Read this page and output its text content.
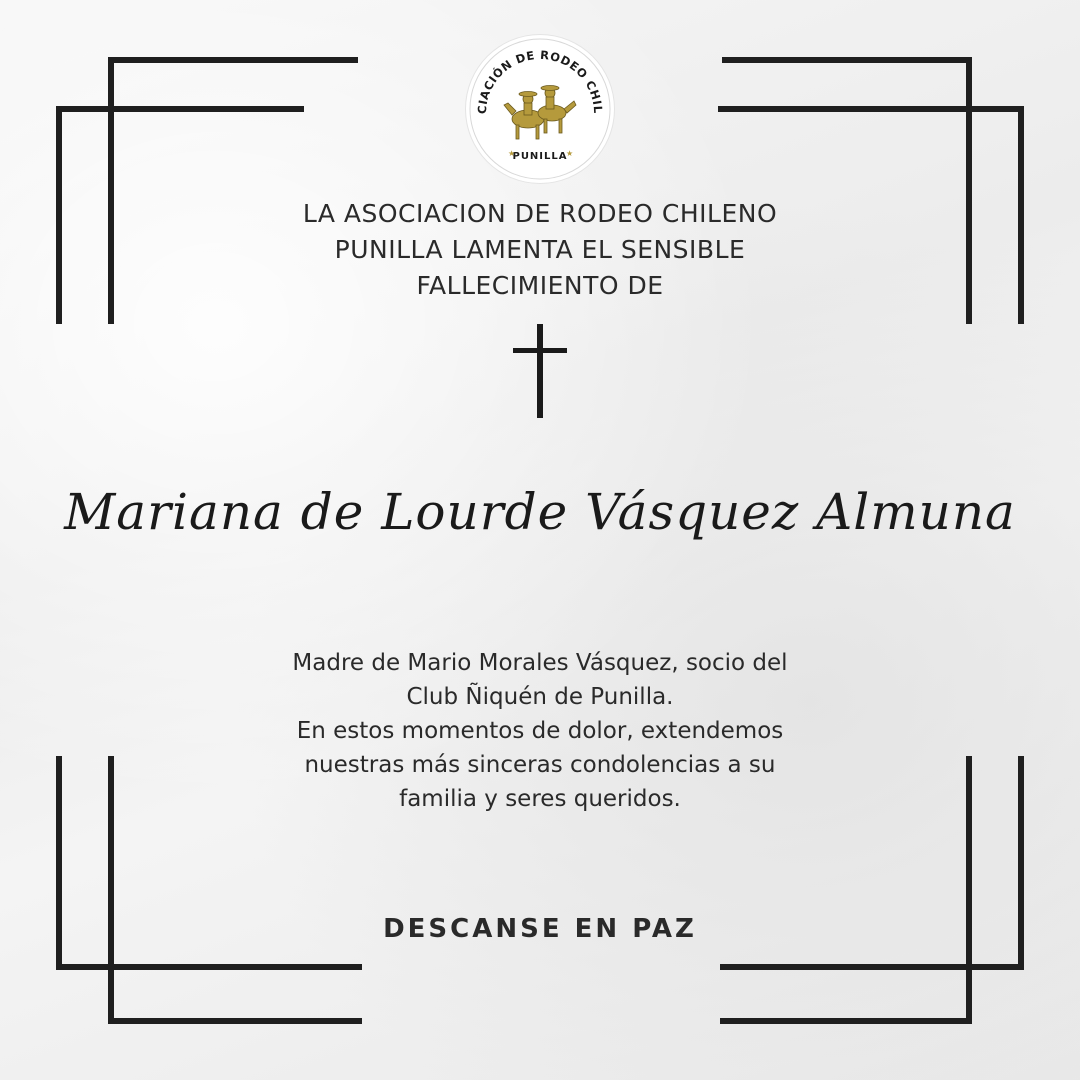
CIACIÓN DE RODEO CHIL
PUNILLA
★	★
LA ASOCIACION DE RODEO CHILENO
PUNILLA LAMENTA EL SENSIBLE
FALLECIMIENTO DE
Mariana de Lourde Vásquez Almuna
Madre de Mario Morales Vásquez, socio del
Club Ñiquén de Punilla.
En estos momentos de dolor, extendemos
nuestras más sinceras condolencias a su
familia y seres queridos.
DESCANSE EN PAZ
